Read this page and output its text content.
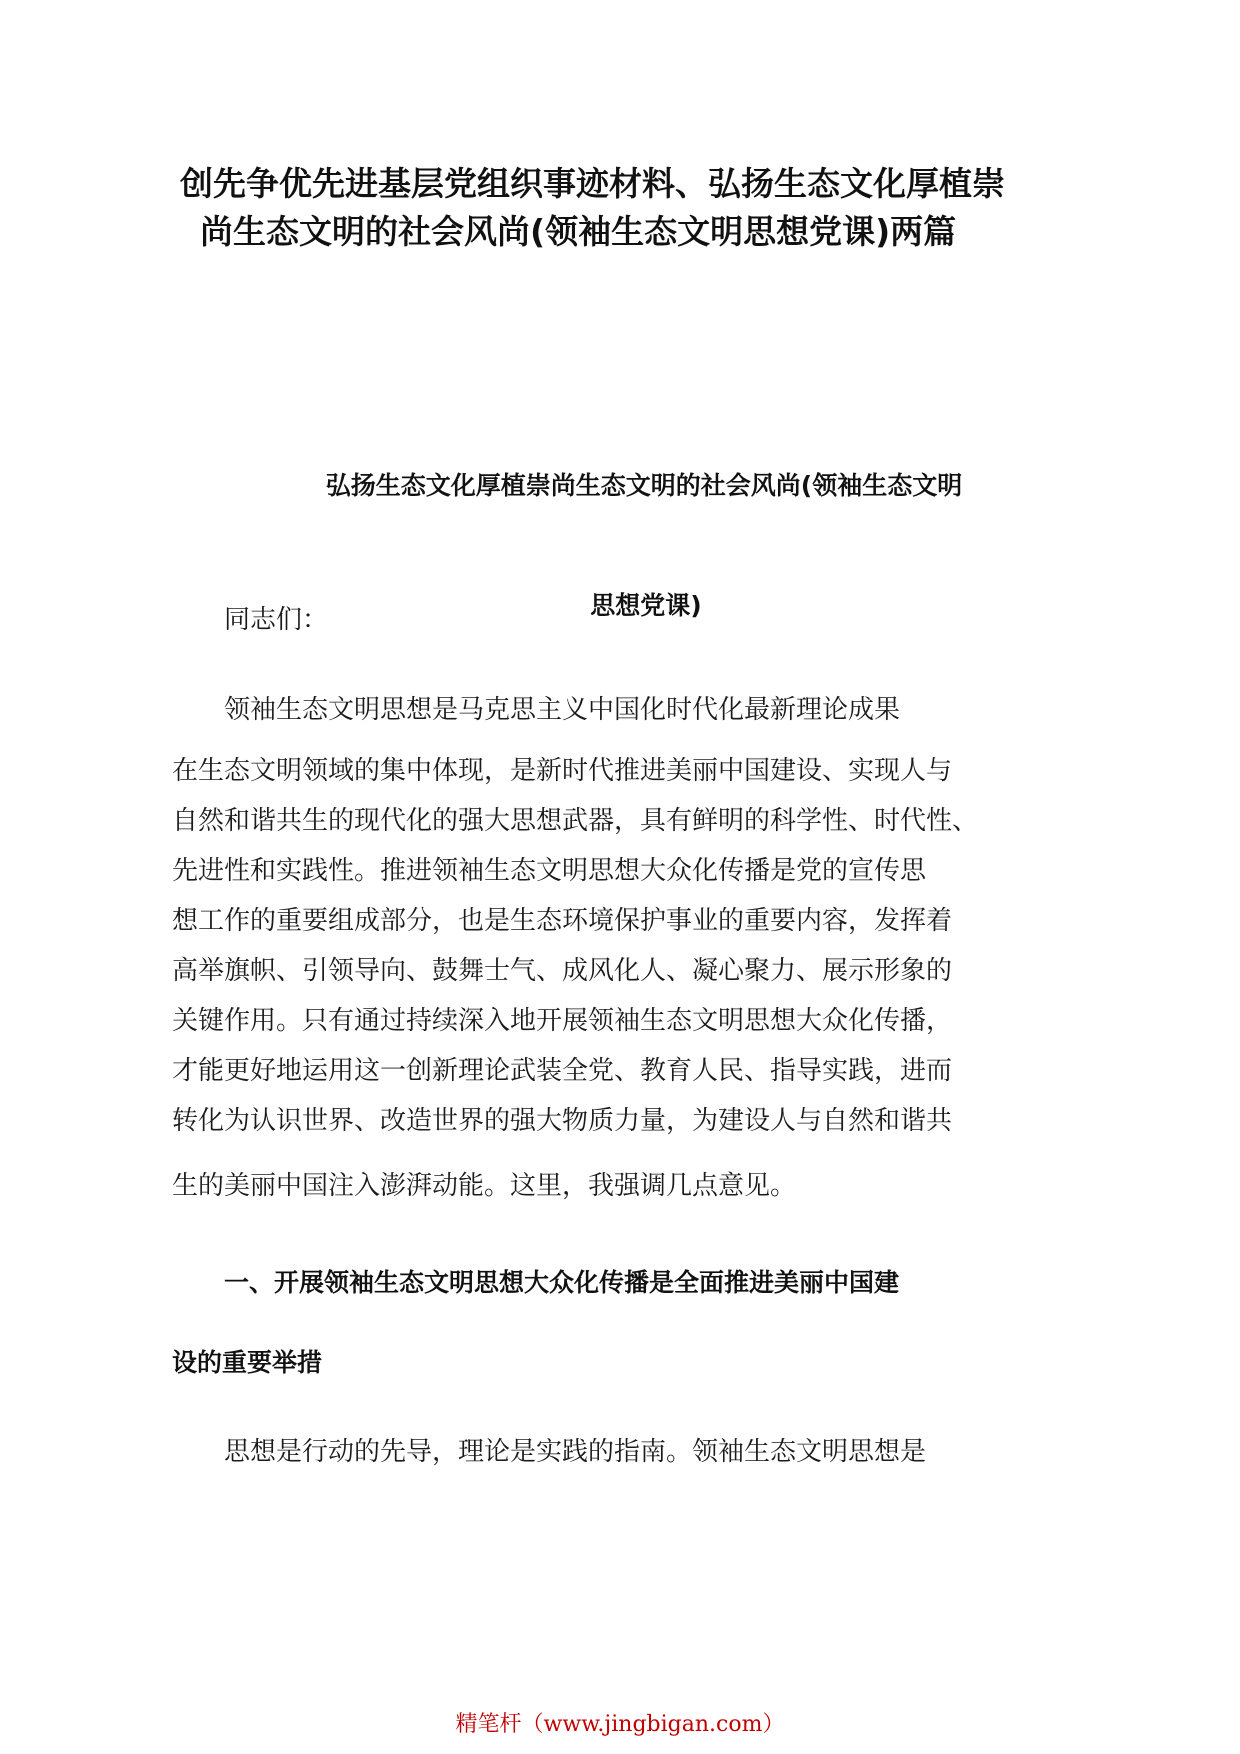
创先争优先进基层党组织事迹材料、弘扬生态文化厚植崇
尚生态文明的社会风尚(领袖生态文明思想党课)两篇
弘扬生态文化厚植崇尚生态文明的社会风尚(领袖生态文明
思想党课)
同志们：
领袖生态文明思想是马克思主义中国化时代化最新理论成果
在生态文明领域的集中体现，是新时代推进美丽中国建设、实现人与
自然和谐共生的现代化的强大思想武器，具有鲜明的科学性、时代性、
先进性和实践性。推进领袖生态文明思想大众化传播是党的宣传思
想工作的重要组成部分，也是生态环境保护事业的重要内容，发挥着
高举旗帜、引领导向、鼓舞士气、成风化人、凝心聚力、展示形象的
关键作用。只有通过持续深入地开展领袖生态文明思想大众化传播，
才能更好地运用这一创新理论武装全党、教育人民、指导实践，进而
转化为认识世界、改造世界的强大物质力量，为建设人与自然和谐共
生的美丽中国注入澎湃动能。这里，我强调几点意见。
一、开展领袖生态文明思想大众化传播是全面推进美丽中国建
设的重要举措
思想是行动的先导，理论是实践的指南。领袖生态文明思想是
精笔杆（www.jingbigan.com）
